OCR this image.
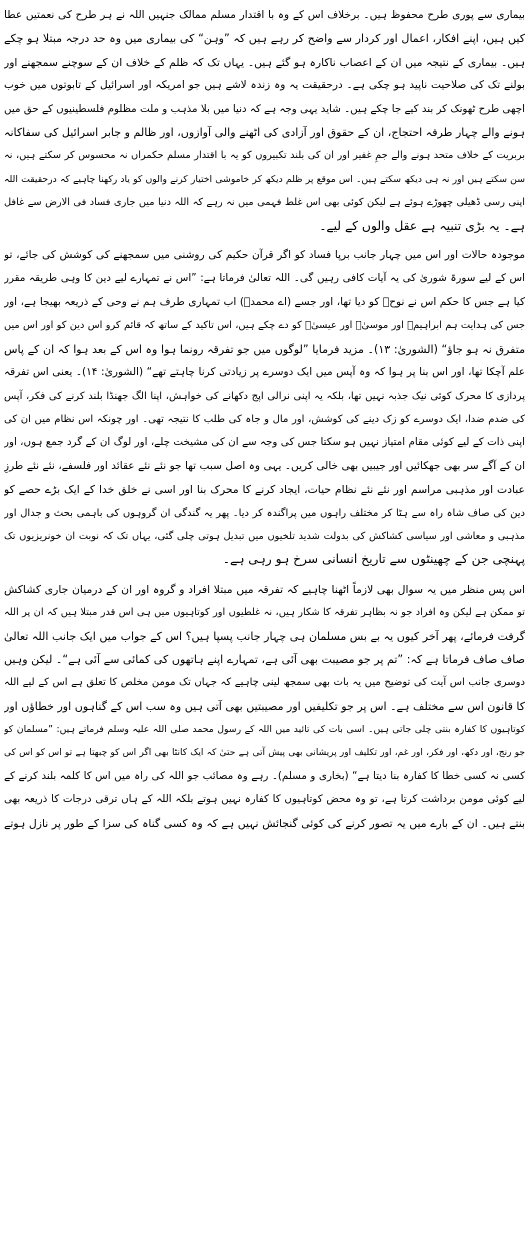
بیماری سے پوری طرح محفوظ ہیں۔ برخلاف اس کے وہ با اقتدار مسلم ممالک جنہیں اللہ نے ہر طرح کی نعمتیں عطا
کیں ہیں، اپنے افکار، اعمال اور کردار سے واضح کر رہے ہیں کہ ”وہن“ کی بیماری میں وہ حد درجہ مبتلا ہو چکے
ہیں۔ بیماری کے نتیجہ میں ان کے اعصاب ناکارہ ہو گئے ہیں۔ یہاں تک کہ ظلم کے خلاف ان کے سوچنے سمجھنے اور
بولنے تک کی صلاحیت ناپید ہو چکی ہے۔ درحقیقت یہ وہ زندہ لاشے ہیں جو امریکہ اور اسرائیل کے تابوتوں میں خوب
اچھی طرح ٹھونک کر بند کیے جا چکے ہیں۔ شاید یہی وجہ ہے کہ دنیا میں بلا مذہب و ملت مظلوم فلسطینیوں کے حق میں
ہونے والے چہار طرفہ احتجاج، ان کے حقوق اور آزادی کی اٹھنے والی آوازوں، اور ظالم و جابر اسرائیل کی سفاکانہ
بربریت کے خلاف متحد ہونے والے جمِ غفیر اور ان کی بلند تکبیروں کو یہ با اقتدار مسلم حکمراں نہ محسوس کر سکتے ہیں، نہ
سن سکتے ہیں اور نہ ہی دیکھ سکتے ہیں۔ اس موقع پر ظلم دیکھ کر خاموشی اختیار کرنے والوں کو یاد رکھنا چاہیے کہ درحقیقت اللہ
اپنی رسی ڈھیلی چھوڑے ہوئے ہے لیکن کوئی بھی اس غلط فہمی میں نہ رہے کہ اللہ دنیا میں جاری فساد فی الارض سے غافل
ہے۔ یہ بڑی تنبیہ ہے عقل والوں کے لیے۔
موجودہ حالات اور اس میں چہار جانب برپا فساد کو اگر قرآن حکیم کی روشنی میں سمجھنے کی کوشش کی جائے، تو
اس کے لیے سورۃ شوریٰ کی یہ آیات کافی رہیں گی۔ اللہ تعالیٰ فرماتا ہے: ”اس نے تمہارے لیے دین کا وہی طریقہ مقرر
کیا ہے جس کا حکم اس نے نوحؑ کو دیا تھا، اور جسے (اے محمدؐ) اب تمہاری طرف ہم نے وحی کے ذریعہ بھیجا ہے، اور
جس کی ہدایت ہم ابراہیمؑ اور موسیٰؑ اور عیسیٰؑ کو دے چکے ہیں، اس تاکید کے ساتھ کہ قائم کرو اس دین کو اور اس میں
متفرق نہ ہو جاؤ“ (الشوریٰ: ۱۳)۔ مزید فرمایا ”لوگوں میں جو تفرقہ رونما ہوا وہ اس کے بعد ہوا کہ ان کے پاس
علم آچکا تھا، اور اس بنا پر ہوا کہ وہ آپس میں ایک دوسرے پر زیادتی کرنا چاہتے تھے“ (الشوریٰ: ۱۴)۔ یعنی اس تفرقہ
پردازی کا محرک کوئی نیک جذبہ نہیں تھا، بلکہ یہ اپنی نرالی اپج دکھانے کی خواہش، اپنا الگ جھنڈا بلند کرنے کی فکر، آپس
کی ضدم ضدا، ایک دوسرے کو زک دینے کی کوشش، اور مال و جاہ کی طلب کا نتیجہ تھی۔ اور چونکہ اس نظام میں ان کی
اپنی ذات کے لیے کوئی مقام امتیاز نہیں ہو سکتا جس کی وجہ سے ان کی مشیخت چلے، اور لوگ ان کے گرد جمع ہوں، اور
ان کے آگے سر بھی جھکائیں اور جیبیں بھی خالی کریں۔ یہی وہ اصل سبب تھا جو نئے نئے عقائد اور فلسفے، نئے نئے طرزِ
عبادت اور مذہبی مراسم اور نئے نئے نظام حیات، ایجاد کرنے کا محرک بنا اور اسی نے خلق خدا کے ایک بڑے حصے کو
دین کی صاف شاہ راہ سے ہٹا کر مختلف راہوں میں پراگندہ کر دیا۔ پھر یہ گندگی ان گروہوں کی باہمی بحث و جدال اور
مذہبی و معاشی اور سیاسی کشاکش کی بدولت شدید تلخیوں میں تبدیل ہوتی چلی گئی، یہاں تک کہ نوبت ان خونریزیوں تک
پہنچی جن کے چھینٹوں سے تاریخ انسانی سرخ ہو رہی ہے۔
اس پس منظر میں یہ سوال بھی لازماً اٹھنا چاہیے کہ تفرقہ میں مبتلا افراد و گروہ اور ان کے درمیان جاری کشاکش
تو ممکن ہے لیکن وہ افراد جو نہ بظاہر تفرقہ کا شکار ہیں، نہ غلطیوں اور کوتاہیوں میں ہی اس قدر مبتلا ہیں کہ ان پر اللہ
گرفت فرمائے، پھر آخر کیوں یہ بے بس مسلمان ہی چہار جانب پسپا ہیں؟ اس کے جواب میں ایک جانب اللہ تعالیٰ
صاف صاف فرماتا ہے کہ: ”تم پر جو مصیبت بھی آئی ہے، تمہارے اپنے ہاتھوں کی کمائی سے آئی ہے“۔ لیکن وہیں
دوسری جانب اس آیت کی توضیح میں یہ بات بھی سمجھ لینی چاہیے کہ جہاں تک مومن مخلص کا تعلق ہے اس کے لیے اللہ
کا قانون اس سے مختلف ہے۔ اس پر جو تکلیفیں اور مصیبتیں بھی آتی ہیں وہ سب اس کے گناہوں اور خطاؤں اور
کوتاہیوں کا کفارہ بنتی چلی جاتی ہیں۔ اسی بات کی تائید میں اللہ کے رسول محمد صلی اللہ علیہ وسلم فرماتے ہیں: ”مسلمان کو
جو رنج، اور دکھ، اور فکر، اور غم، اور تکلیف اور پریشانی بھی پیش آتی ہے حتیٰ کہ ایک کانٹا بھی اگر اس کو چبھتا ہے تو اس کو اس کی
کسی نہ کسی خطا کا کفارہ بنا دیتا ہے“ (بخاری و مسلم)۔ رہے وہ مصائب جو اللہ کی راہ میں اس کا کلمہ بلند کرنے کے
لیے کوئی مومن برداشت کرتا ہے، تو وہ محض کوتاہیوں کا کفارہ نہیں ہوتے بلکہ اللہ کے ہاں ترقی درجات کا ذریعہ بھی
بنتے ہیں۔ ان کے بارے میں یہ تصور کرنے کی کوئی گنجائش نہیں ہے کہ وہ کسی گناہ کی سزا کے طور پر نازل ہوتے
